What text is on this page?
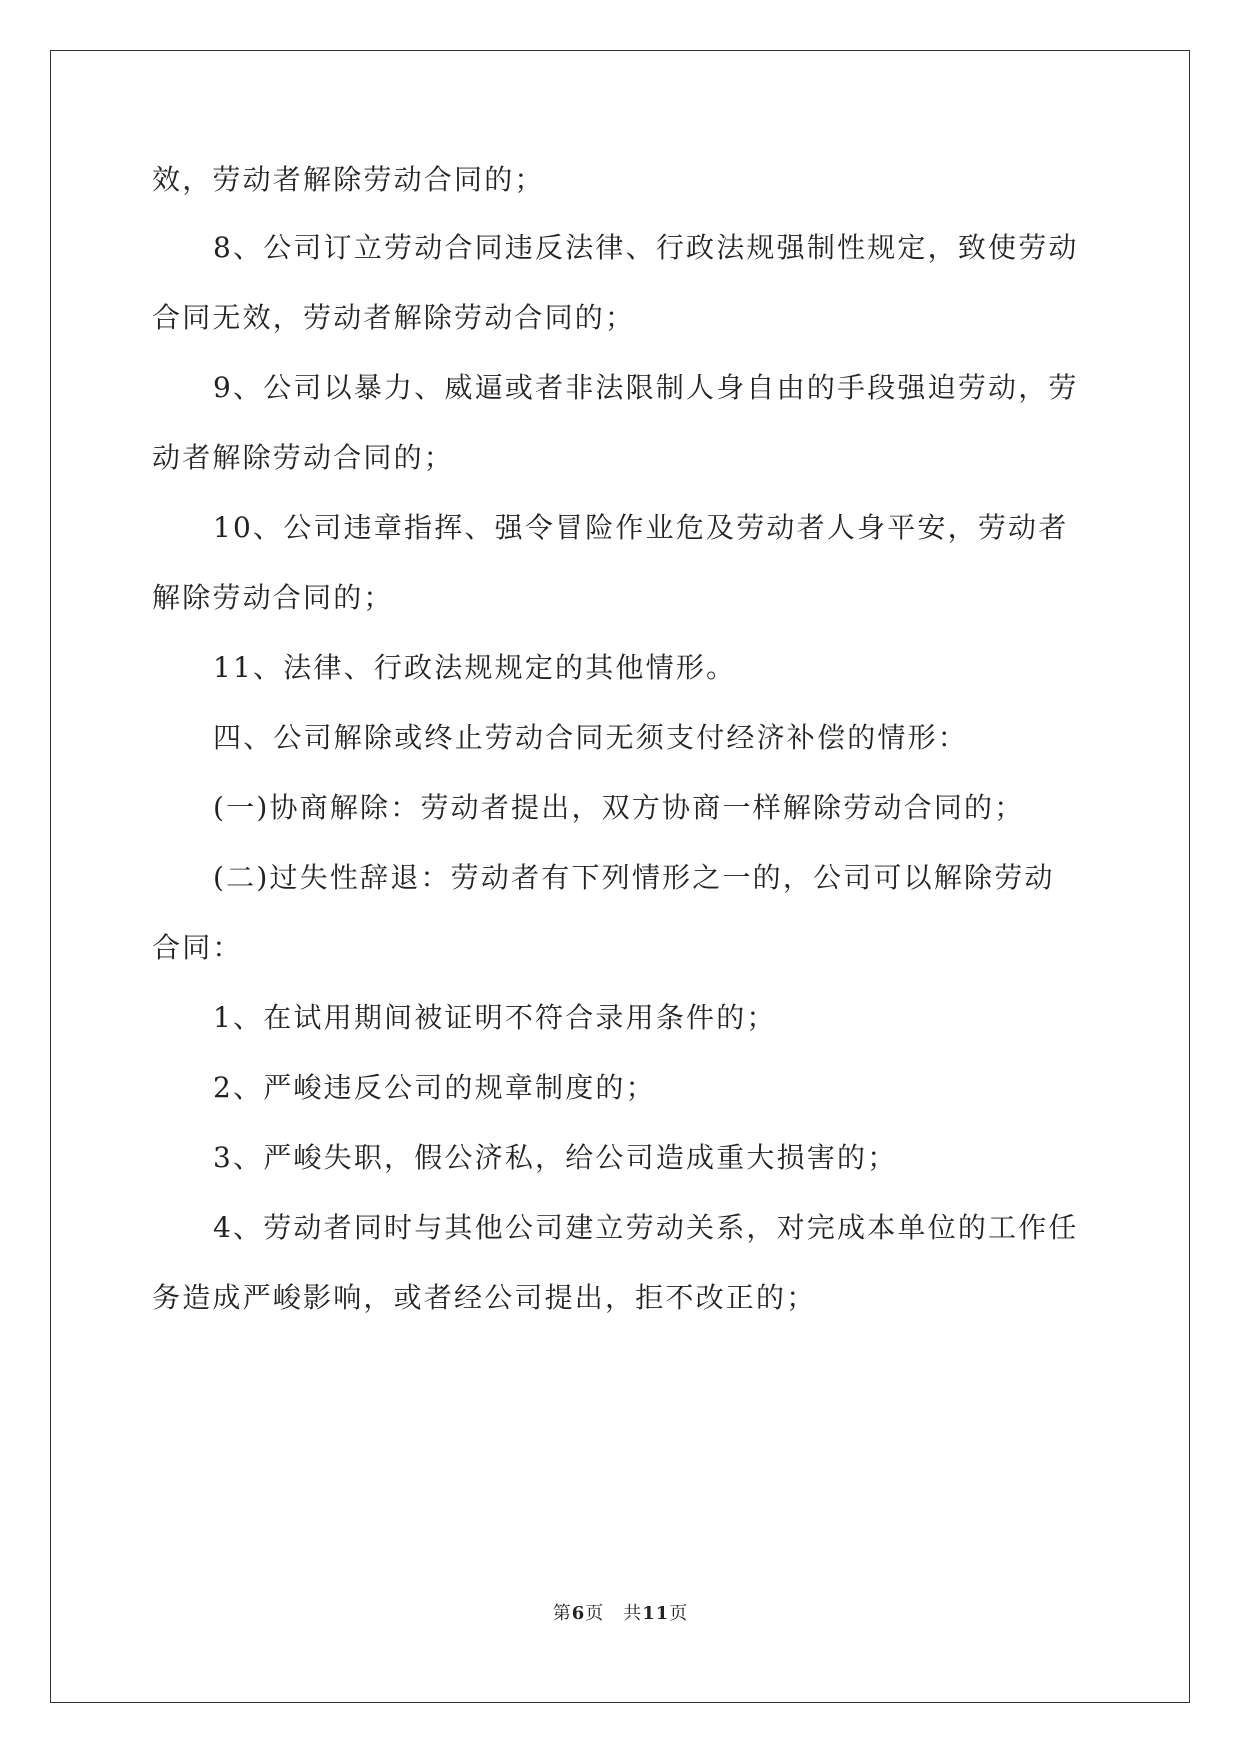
效，劳动者解除劳动合同的；
8、公司订立劳动合同违反法律、行政法规强制性规定，致使劳动
合同无效，劳动者解除劳动合同的；
9、公司以暴力、威逼或者非法限制人身自由的手段强迫劳动，劳
动者解除劳动合同的；
10、公司违章指挥、强令冒险作业危及劳动者人身平安，劳动者
解除劳动合同的；
11、法律、行政法规规定的其他情形。
四、公司解除或终止劳动合同无须支付经济补偿的情形：
(一)协商解除：劳动者提出，双方协商一样解除劳动合同的；
(二)过失性辞退：劳动者有下列情形之一的，公司可以解除劳动
合同：
1、在试用期间被证明不符合录用条件的；
2、严峻违反公司的规章制度的；
3、严峻失职，假公济私，给公司造成重大损害的；
4、劳动者同时与其他公司建立劳动关系，对完成本单位的工作任
务造成严峻影响，或者经公司提出，拒不改正的；
第6页　共11页
